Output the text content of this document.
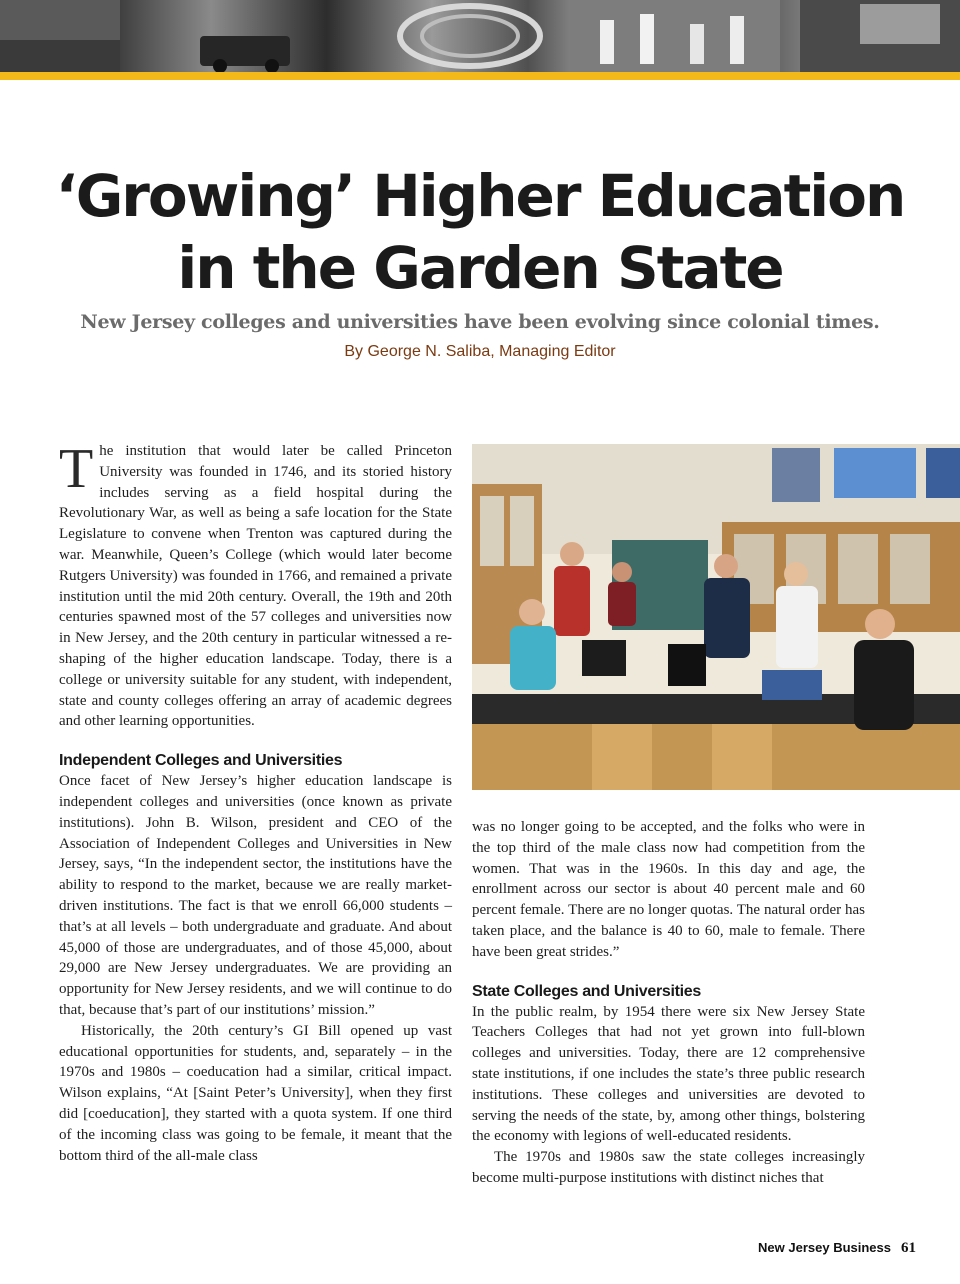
‘Growing’ Higher Education
in the Garden State
New Jersey colleges and universities have been evolving since colonial times.
By George N. Saliba, Managing Editor

The institution that would later be called Princeton University was founded in 1746, and its storied history includes serving as a field hospital during the Revolutionary War, as well as being a safe location for the State Legislature to convene when Trenton was captured during the war. Meanwhile, Queen’s College (which would later become Rutgers University) was founded in 1766, and remained a private institution until the mid 20th century. Overall, the 19th and 20th centuries spawned most of the 57 colleges and universities now in New Jersey, and the 20th century in particular witnessed a re-shaping of the higher education landscape. Today, there is a college or university suitable for any student, with independent, state and county colleges offering an array of academic degrees and other learning opportunities.

Independent Colleges and Universities

Once facet of New Jersey’s higher education landscape is independent colleges and universities (once known as private institutions). John B. Wilson, president and CEO of the Association of Independent Colleges and Universities in New Jersey, says, “In the independent sector, the institutions have the ability to respond to the market, because we are really market-driven institutions. The fact is that we enroll 66,000 students – that’s at all levels – both undergraduate and graduate. And about 45,000 of those are undergraduates, and of those 45,000, about 29,000 are New Jersey undergraduates. We are providing an opportunity for New Jersey residents, and we will continue to do that, because that’s part of our institutions’ mission.”

Historically, the 20th century’s GI Bill opened up vast educational opportunities for students, and, separately – in the 1970s and 1980s – coeducation had a similar, critical impact. Wilson explains, “At [Saint Peter’s University], when they first did [coeducation], they started with a quota system. If one third of the incoming class was going to be female, it meant that the bottom third of the all-male class

was no longer going to be accepted, and the folks who were in the top third of the male class now had competition from the women. That was in the 1960s. In this day and age, the enrollment across our sector is about 40 percent male and 60 percent female. There are no longer quotas. The natural order has taken place, and the balance is 40 to 60, male to female. There have been great strides.”

State Colleges and Universities

In the public realm, by 1954 there were six New Jersey State Teachers Colleges that had not yet grown into full-blown colleges and universities. Today, there are 12 comprehensive state institutions, if one includes the state’s three public research institutions. These colleges and universities are devoted to serving the needs of the state, by, among other things, bolstering the economy with legions of well-educated residents.

The 1970s and 1980s saw the state colleges increasingly become multi-purpose institutions with distinct niches that

New Jersey Business 61
